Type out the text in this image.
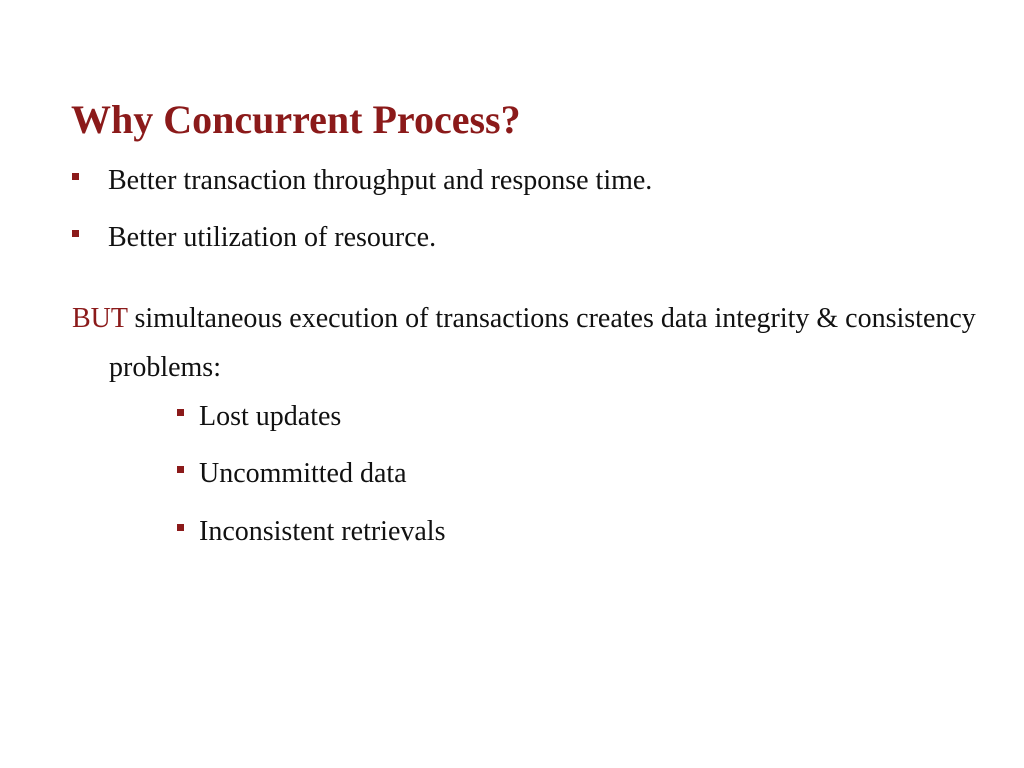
Why Concurrent Process?
Better transaction throughput and response time.
Better utilization of resource.

BUT simultaneous execution of transactions creates data integrity & consistency problems:

Lost updates
Uncommitted data
Inconsistent retrievals
